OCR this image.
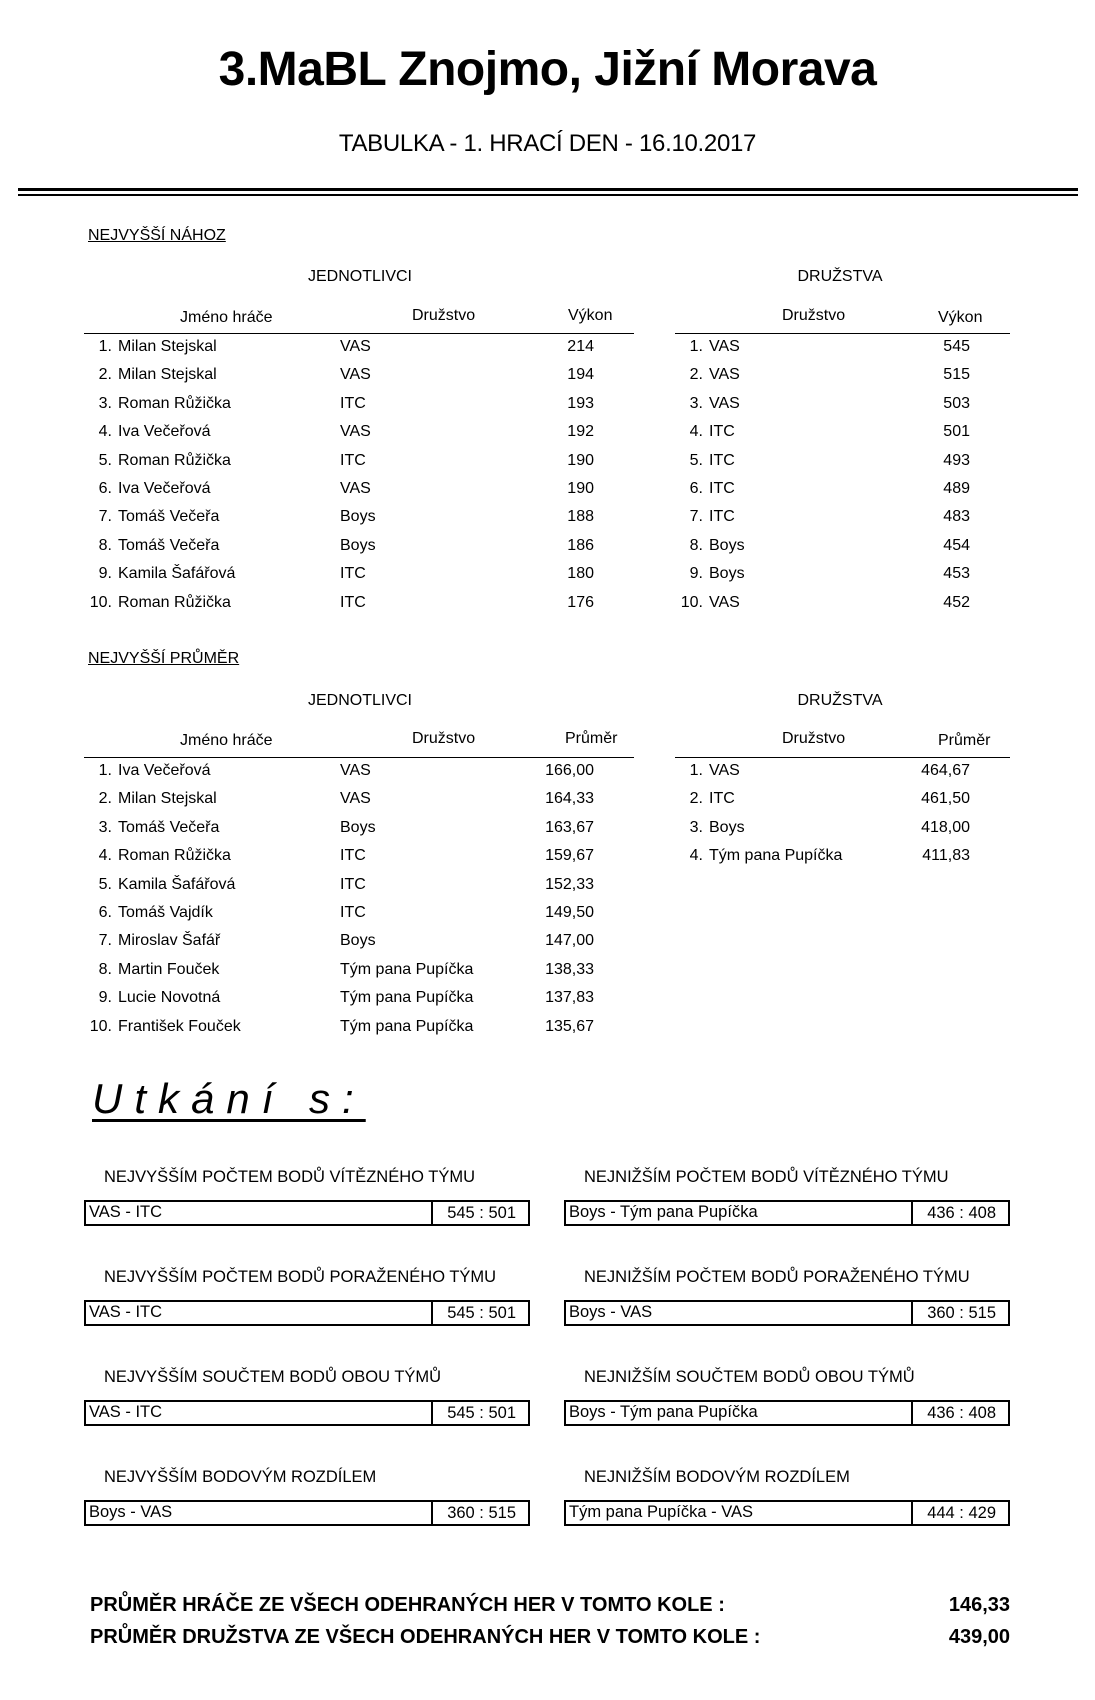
3.MaBL Znojmo, Jižní Morava
TABULKA - 1. HRACÍ DEN - 16.10.2017
NEJVYŠŠÍ NÁHOZ
JEDNOTLIVCI	DRUŽSTVA
Jméno hráče	Družstvo	Výkon	Družstvo	Výkon
1. Milan Stejskal	VAS	214
2. Milan Stejskal	VAS	194
3. Roman Růžička	ITC	193
4. Iva Večeřová	VAS	192
5. Roman Růžička	ITC	190
6. Iva Večeřová	VAS	190
7. Tomáš Večeřa	Boys	188
8. Tomáš Večeřa	Boys	186
9. Kamila Šafářová	ITC	180
10. Roman Růžička	ITC	176
1. VAS	545
2. VAS	515
3. VAS	503
4. ITC	501
5. ITC	493
6. ITC	489
7. ITC	483
8. Boys	454
9. Boys	453
10. VAS	452
NEJVYŠŠÍ PRŮMĚR
JEDNOTLIVCI	DRUŽSTVA
Jméno hráče	Družstvo	Průměr	Družstvo	Průměr
1. Iva Večeřová	VAS	166,00
2. Milan Stejskal	VAS	164,33
3. Tomáš Večeřa	Boys	163,67
4. Roman Růžička	ITC	159,67
5. Kamila Šafářová	ITC	152,33
6. Tomáš Vajdík	ITC	149,50
7. Miroslav Šafář	Boys	147,00
8. Martin Fouček	Tým pana Pupíčka	138,33
9. Lucie Novotná	Tým pana Pupíčka	137,83
10. František Fouček	Tým pana Pupíčka	135,67
1. VAS	464,67
2. ITC	461,50
3. Boys	418,00
4. Tým pana Pupíčka	411,83
Utkání s:
NEJVYŠŠÍM POČTEM BODŮ VÍTĚZNÉHO TÝMU
VAS - ITC	545 : 501
NEJVYŠŠÍM POČTEM BODŮ PORAŽENÉHO TÝMU
VAS - ITC	545 : 501
NEJVYŠŠÍM SOUČTEM BODŮ OBOU TÝMŮ
VAS - ITC	545 : 501
NEJVYŠŠÍM BODOVÝM ROZDÍLEM
Boys - VAS	360 : 515
NEJNIŽŠÍM POČTEM BODŮ VÍTĚZNÉHO TÝMU
Boys - Tým pana Pupíčka	436 : 408
NEJNIŽŠÍM POČTEM BODŮ PORAŽENÉHO TÝMU
Boys - VAS	360 : 515
NEJNIŽŠÍM SOUČTEM BODŮ OBOU TÝMŮ
Boys - Tým pana Pupíčka	436 : 408
NEJNIŽŠÍM BODOVÝM ROZDÍLEM
Tým pana Pupíčka - VAS	444 : 429
PRŮMĚR HRÁČE ZE VŠECH ODEHRANÝCH HER V TOMTO KOLE :	146,33
PRŮMĚR DRUŽSTVA ZE VŠECH ODEHRANÝCH HER V TOMTO KOLE :	439,00
